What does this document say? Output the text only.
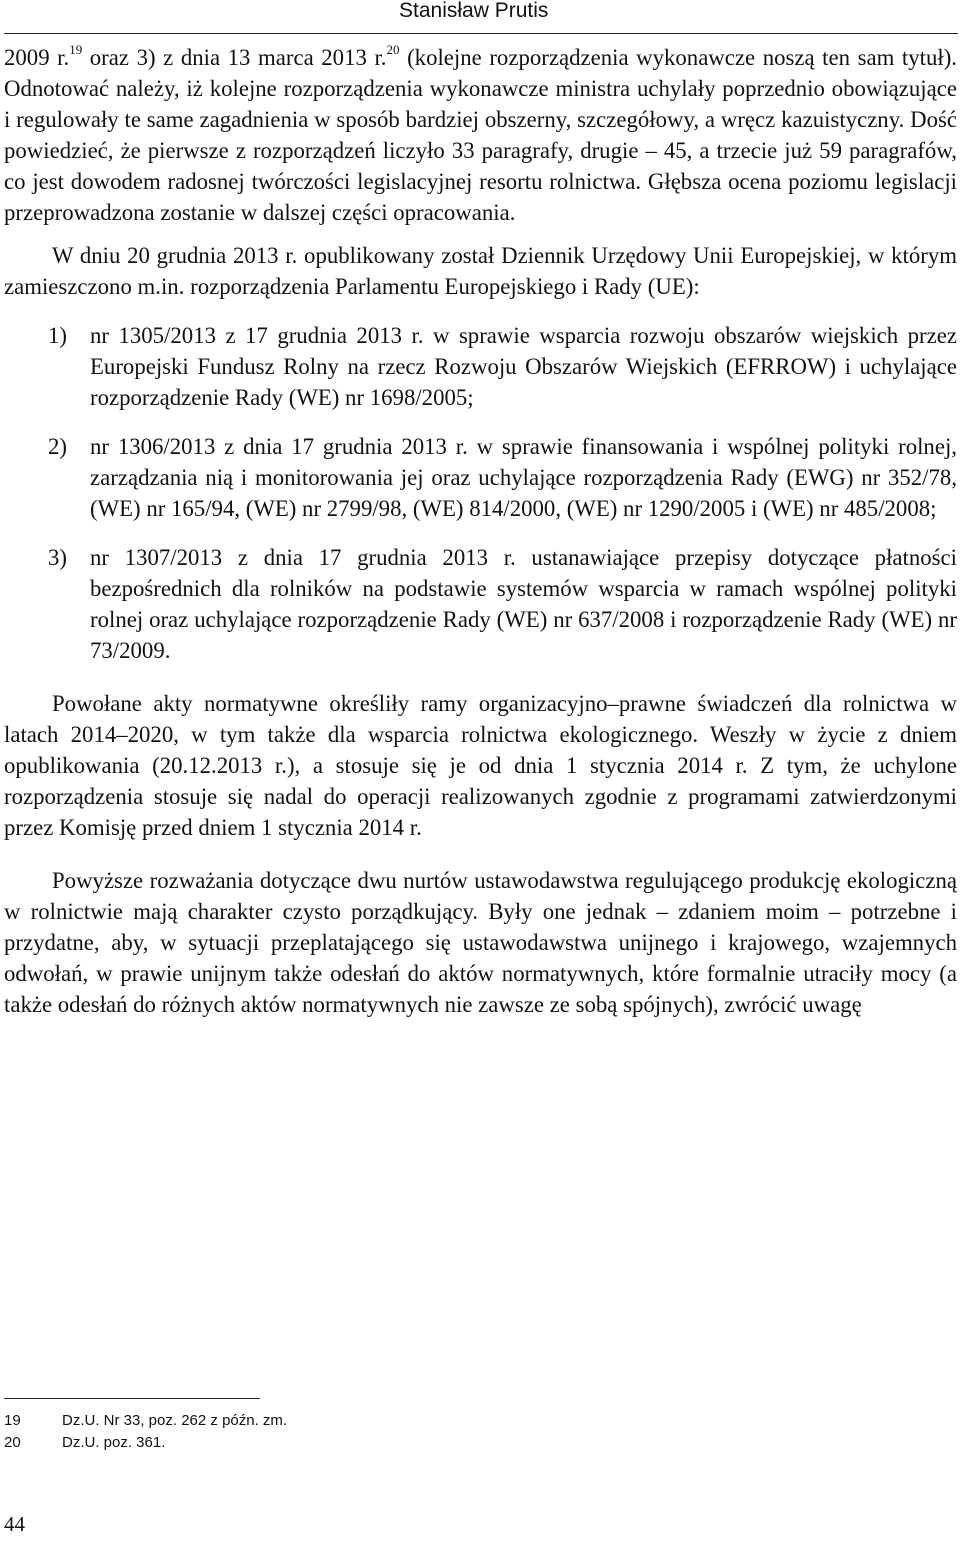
Stanisław Prutis

2009 r.$^{19}$ oraz 3) z dnia 13 marca 2013 r.$^{20}$ (kolejne rozporządzenia wykonawcze noszą ten sam tytuł). Odnotować należy, iż kolejne rozporządzenia wykonawcze ministra uchylały poprzednio obowiązujące i regulowały te same zagadnienia w sposób bardziej obszerny, szczegółowy, a wręcz kazuistyczny. Dość powiedzieć, że pierwsze z rozporządzeń liczyło 33 paragrafy, drugie – 45, a trzecie już 59 paragrafów, co jest dowodem radosnej twórczości legislacyjnej resortu rolnictwa. Głębsza ocena poziomu legislacji przeprowadzona zostanie w dalszej części opracowania.

W dniu 20 grudnia 2013 r. opublikowany został Dziennik Urzędowy Unii Europejskiej, w którym zamieszczono m.in. rozporządzenia Parlamentu Europejskiego i Rady (UE):

1)	nr 1305/2013 z 17 grudnia 2013 r. w sprawie wsparcia rozwoju obszarów wiejskich przez Europejski Fundusz Rolny na rzecz Rozwoju Obszarów Wiejskich (EFRROW) i uchylające rozporządzenie Rady (WE) nr 1698/2005;
2)	nr 1306/2013 z dnia 17 grudnia 2013 r. w sprawie finansowania i wspólnej polityki rolnej, zarządzania nią i monitorowania jej oraz uchylające rozporządzenia Rady (EWG) nr 352/78, (WE) nr 165/94, (WE) nr 2799/98, (WE) 814/2000, (WE) nr 1290/2005 i (WE) nr 485/2008;
3)	nr 1307/2013 z dnia 17 grudnia 2013 r. ustanawiające przepisy dotyczące płatności bezpośrednich dla rolników na podstawie systemów wsparcia w ramach wspólnej polityki rolnej oraz uchylające rozporządzenie Rady (WE) nr 637/2008 i rozporządzenie Rady (WE) nr 73/2009.

Powołane akty normatywne określiły ramy organizacyjno–prawne świadczeń dla rolnictwa w latach 2014–2020, w tym także dla wsparcia rolnictwa ekologicznego. Weszły w życie z dniem opublikowania (20.12.2013 r.), a stosuje się je od dnia 1 stycznia 2014 r. Z tym, że uchylone rozporządzenia stosuje się nadal do operacji realizowanych zgodnie z programami zatwierdzonymi przez Komisję przed dniem 1 stycznia 2014 r.

Powyższe rozważania dotyczące dwu nurtów ustawodawstwa regulującego produkcję ekologiczną w rolnictwie mają charakter czysto porządkujący. Były one jednak – zdaniem moim – potrzebne i przydatne, aby, w sytuacji przeplatającego się ustawodawstwa unijnego i krajowego, wzajemnych odwołań, w prawie unijnym także odesłań do aktów normatywnych, które formalnie utraciły mocy (a także odesłań do różnych aktów normatywnych nie zawsze ze sobą spójnych), zwrócić uwagę

19	Dz.U. Nr 33, poz. 262 z późn. zm.
20	Dz.U. poz. 361.
44
